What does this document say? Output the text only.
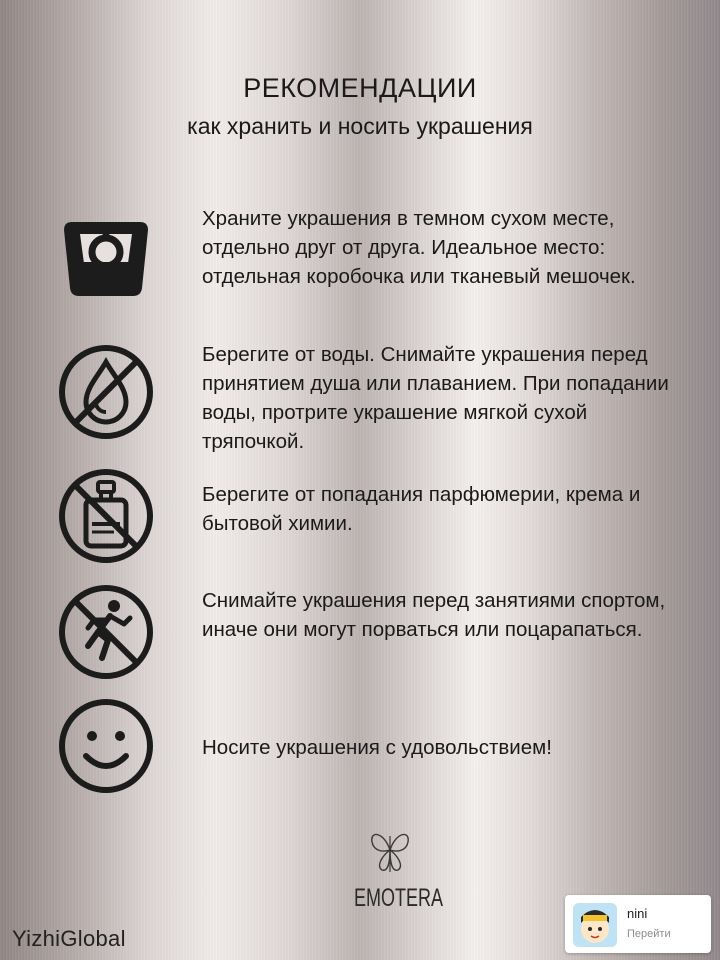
РЕКОМЕНДАЦИИ
как хранить и носить украшения
Храните украшения в темном сухом месте, отдельно друг от друга. Идеальное место: отдельная коробочка или тканевый мешочек.
Берегите от воды. Снимайте украшения перед принятием душа или плаванием. При попадании воды, протрите украшение мягкой сухой тряпочкой.
Берегите от попадания парфюмерии, крема и бытовой химии.
Снимайте украшения перед занятиями спортом, иначе они могут порваться или поцарапаться.
Носите украшения с удовольствием!
EMOTERA
YizhiGlobal
nini
Перейти
